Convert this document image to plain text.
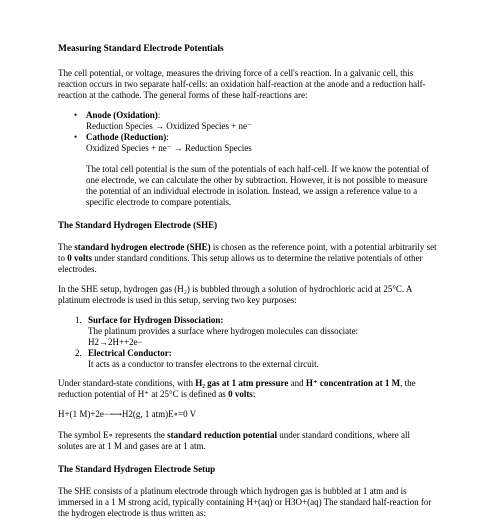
Measuring Standard Electrode Potentials

The cell potential, or voltage, measures the driving force of a cell's reaction. In a galvanic cell, this reaction occurs in two separate half-cells: an oxidation half-reaction at the anode and a reduction half-reaction at the cathode. The general forms of these half-reactions are:

• Anode (Oxidation):
Reduction Species → Oxidized Species + ne⁻
• Cathode (Reduction):
Oxidized Species + ne⁻ → Reduction Species

The total cell potential is the sum of the potentials of each half-cell. If we know the potential of one electrode, we can calculate the other by subtraction. However, it is not possible to measure the potential of an individual electrode in isolation. Instead, we assign a reference value to a specific electrode to compare potentials.

The Standard Hydrogen Electrode (SHE)

The standard hydrogen electrode (SHE) is chosen as the reference point, with a potential arbitrarily set to 0 volts under standard conditions. This setup allows us to determine the relative potentials of other electrodes.

In the SHE setup, hydrogen gas (H₂) is bubbled through a solution of hydrochloric acid at 25°C. A platinum electrode is used in this setup, serving two key purposes:

1. Surface for Hydrogen Dissociation:
The platinum provides a surface where hydrogen molecules can dissociate:
H2→2H++2e−
2. Electrical Conductor:
It acts as a conductor to transfer electrons to the external circuit.

Under standard-state conditions, with H₂ gas at 1 atm pressure and H⁺ concentration at 1 M, the reduction potential of H⁺ at 25°C is defined as 0 volts:

H+(1 M)+2e−⟶H2(g, 1 atm)E∘=0 V

The symbol E∘ represents the standard reduction potential under standard conditions, where all solutes are at 1 M and gases are at 1 atm.

The Standard Hydrogen Electrode Setup

The SHE consists of a platinum electrode through which hydrogen gas is bubbled at 1 atm and is immersed in a 1 M strong acid, typically containing H+(aq) or H3O+(aq) The standard half-reaction for the hydrogen electrode is thus written as:
